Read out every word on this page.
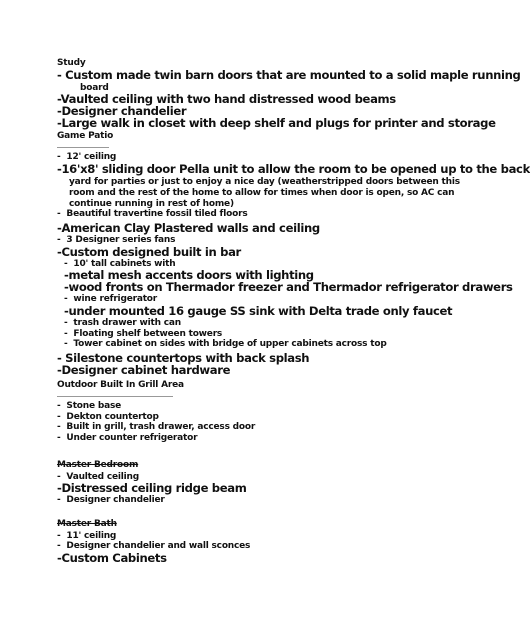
Study
- Custom made twin barn doors that are mounted to a solid maple running
board
-Vaulted ceiling with two hand distressed wood beams
-Designer chandelier
-Large walk in closet with deep shelf and plugs for printer and storage
Game Patio
- 12' ceiling
-16'x8' sliding door Pella unit to allow the room to be opened up to the back
yard for parties or just to enjoy a nice day (weatherstripped doors between this
room and the rest of the home to allow for times when door is open, so AC can
continue running in rest of home)
- Beautiful travertine fossil tiled floors
-American Clay Plastered walls and ceiling
- 3 Designer series fans
-Custom designed built in bar
- 10' tall cabinets with
-metal mesh accents doors with lighting
-wood fronts on Thermador freezer and Thermador refrigerator drawers
- wine refrigerator
-under mounted 16 gauge SS sink with Delta trade only faucet
- trash drawer with can
- Floating shelf between towers
- Tower cabinet on sides with bridge of upper cabinets across top
- Silestone countertops with back splash
-Designer cabinet hardware
Outdoor Built In Grill Area
- Stone base
- Dekton countertop
- Built in grill, trash drawer, access door
- Under counter refrigerator
Master Bedroom
- Vaulted ceiling
-Distressed ceiling ridge beam
- Designer chandelier
Master Bath
- 11' ceiling
- Designer chandelier and wall sconces
-Custom Cabinets
